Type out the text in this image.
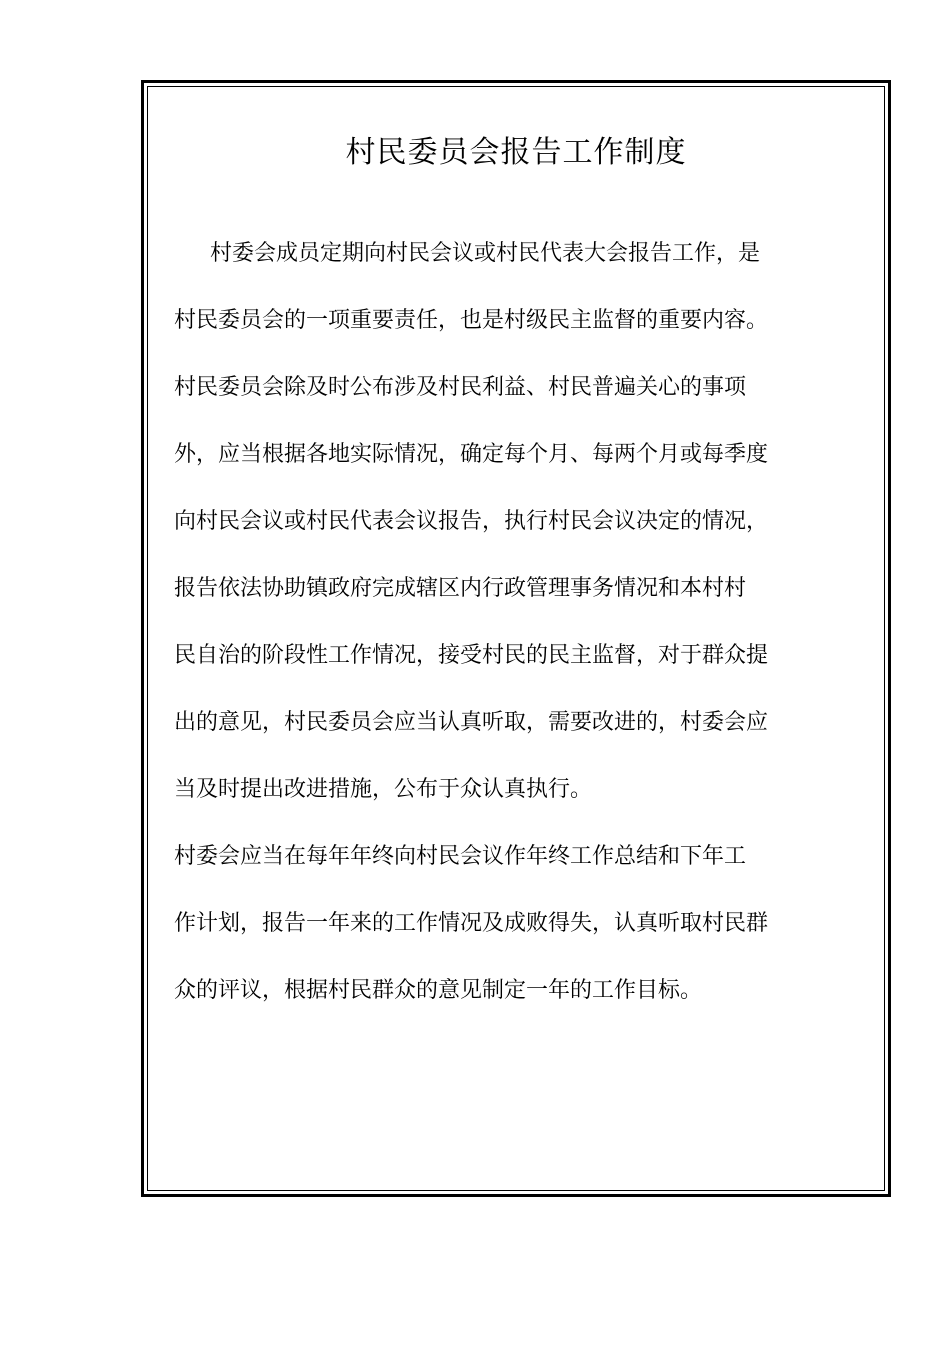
村民委员会报告工作制度

村委会成员定期向村民会议或村民代表大会报告工作，是

村民委员会的一项重要责任，也是村级民主监督的重要内容。

村民委员会除及时公布涉及村民利益、村民普遍关心的事项

外，应当根据各地实际情况，确定每个月、每两个月或每季度

向村民会议或村民代表会议报告，执行村民会议决定的情况，

报告依法协助镇政府完成辖区内行政管理事务情况和本村村

民自治的阶段性工作情况，接受村民的民主监督，对于群众提

出的意见，村民委员会应当认真听取，需要改进的，村委会应

当及时提出改进措施，公布于众认真执行。

村委会应当在每年年终向村民会议作年终工作总结和下年工

作计划，报告一年来的工作情况及成败得失，认真听取村民群

众的评议，根据村民群众的意见制定一年的工作目标。
